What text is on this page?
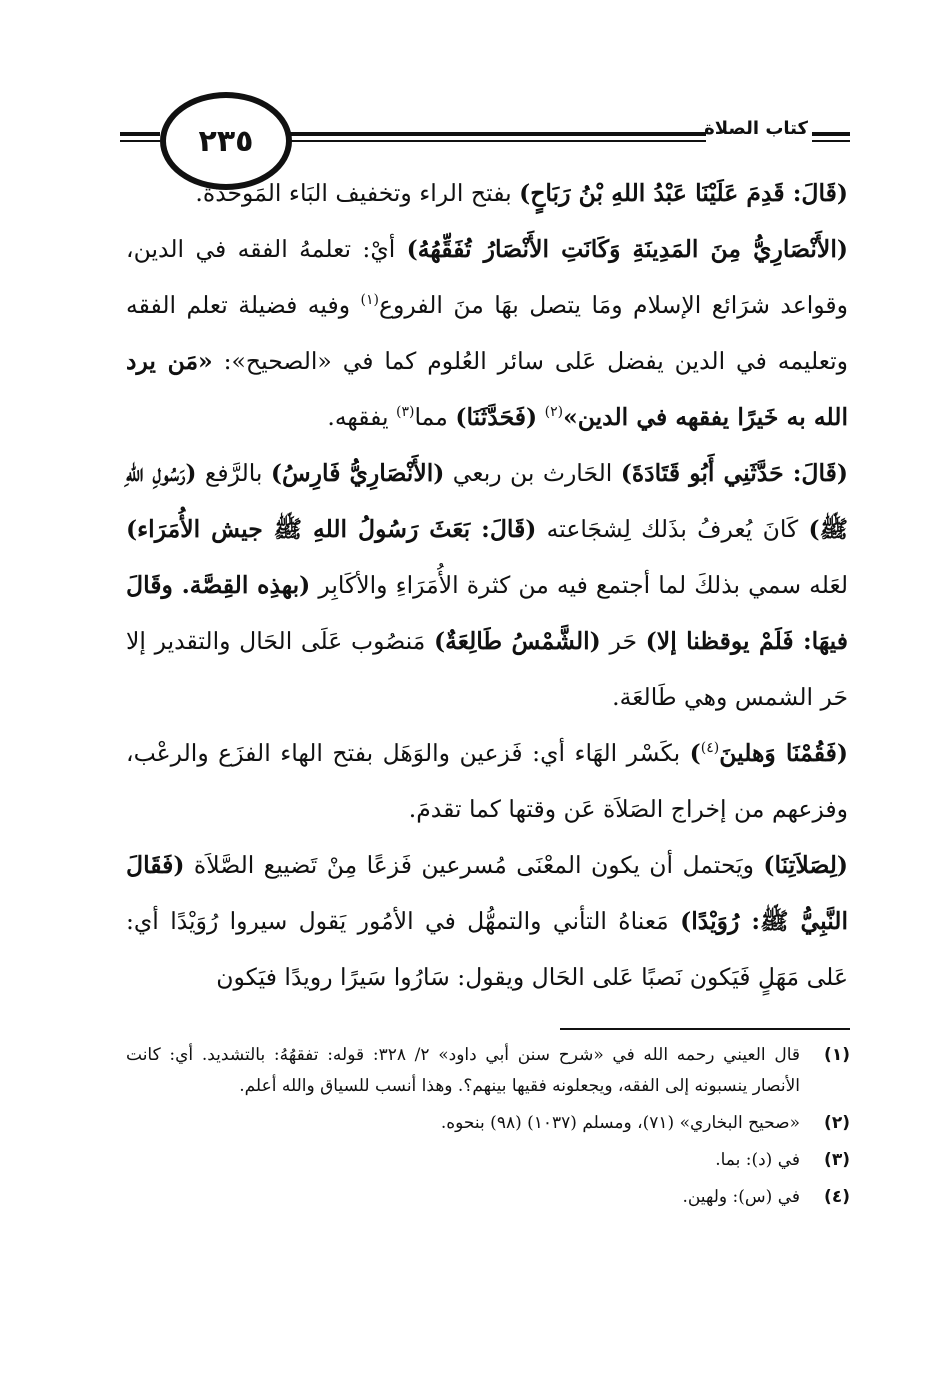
٢٣٥	كتاب الصلاة

(قَالَ: قَدِمَ عَلَيْنَا عَبْدُ اللهِ بْنُ رَبَاحٍ) بفتح الراء وتخفيف البَاء المَوحدَة.

(الأَنْصَارِيُّ مِنَ المَدِينَةِ وَكَانَتِ الأَنْصَارُ تُفَقِّهُهُ) أيْ: تعلمهُ الفقه في الدين، وقواعد شرَائع الإسلام ومَا يتصل بهَا منَ الفروع$^{(١)}$ وفيه فضيلة تعلم الفقه وتعليمه في الدين يفضل عَلى سائر العُلوم كما في «الصحيح»: «مَن يرد الله به خَيرًا يفقهه في الدين»$^{(٢)}$ (فَحَدَّثَنَا) مما$^{(٣)}$ يفقهه.

(قَالَ: حَدَّثَنِي أَبُو قَتَادَةَ) الحَارث بن ربعي (الأَنْصَارِيُّ فَارِسُ) بالرَّفع (رَسُولِ اللهِ ﷺ) كَانَ يُعرفُ بذَلك لِشجَاعته (قَالَ: بَعَثَ رَسُولُ اللهِ ﷺ جيش الأُمَرَاء) لعَله سمي بذلكَ لما أجتمع فيه من كثرة الأُمَرَاءِ والأكَابِر (بهذِه القِصَّة. وقَالَ فيهَا: فَلَمْ يوقظنا إلا) حَر (الشَّمْسُ طَالِعَةٌ) مَنصُوب عَلَى الحَال والتقدير إلا حَر الشمس وهي طَالعَة.

(فَقُمْنَا وَهلينَ$^{(٤)}$) بكَسْر الهَاء أي: فَزعين والوَهَل بفتح الهاء الفزَع والرعْب، وفزعهم من إخراج الصَلاَة عَن وقتها كما تقدمَ.

(لِصَلاَتِنَا) ويَحتمل أن يكون المعْنَى مُسرعين فَزعًا مِنْ تَضييع الصَّلاَة (فَقَالَ النَّبِيُّ ﷺ: رُوَيْدًا) مَعناهُ التأني والتمهُّل في الأمُور يَقول سيروا رُوَيْدًا أي: عَلى مَهَلٍ فَيَكون نَصبًا عَلى الحَال ويقول: سَارُوا سَيرًا رويدًا فيَكون

(١)
قال العيني رحمه الله في «شرح سنن أبي داود» ٢/ ٣٢٨: قوله: تفقهُهُ: بالتشديد. أي: كانت الأنصار ينسبونه إلى الفقه، ويجعلونه فقيها بينهم؟. وهذا أنسب للسياق والله أعلم.
(٢)
«صحيح البخاري» (٧١)، ومسلم (١٠٣٧) (٩٨) بنحوه.
(٣)
في (د): بما.
(٤)
في (س): ولهين.
